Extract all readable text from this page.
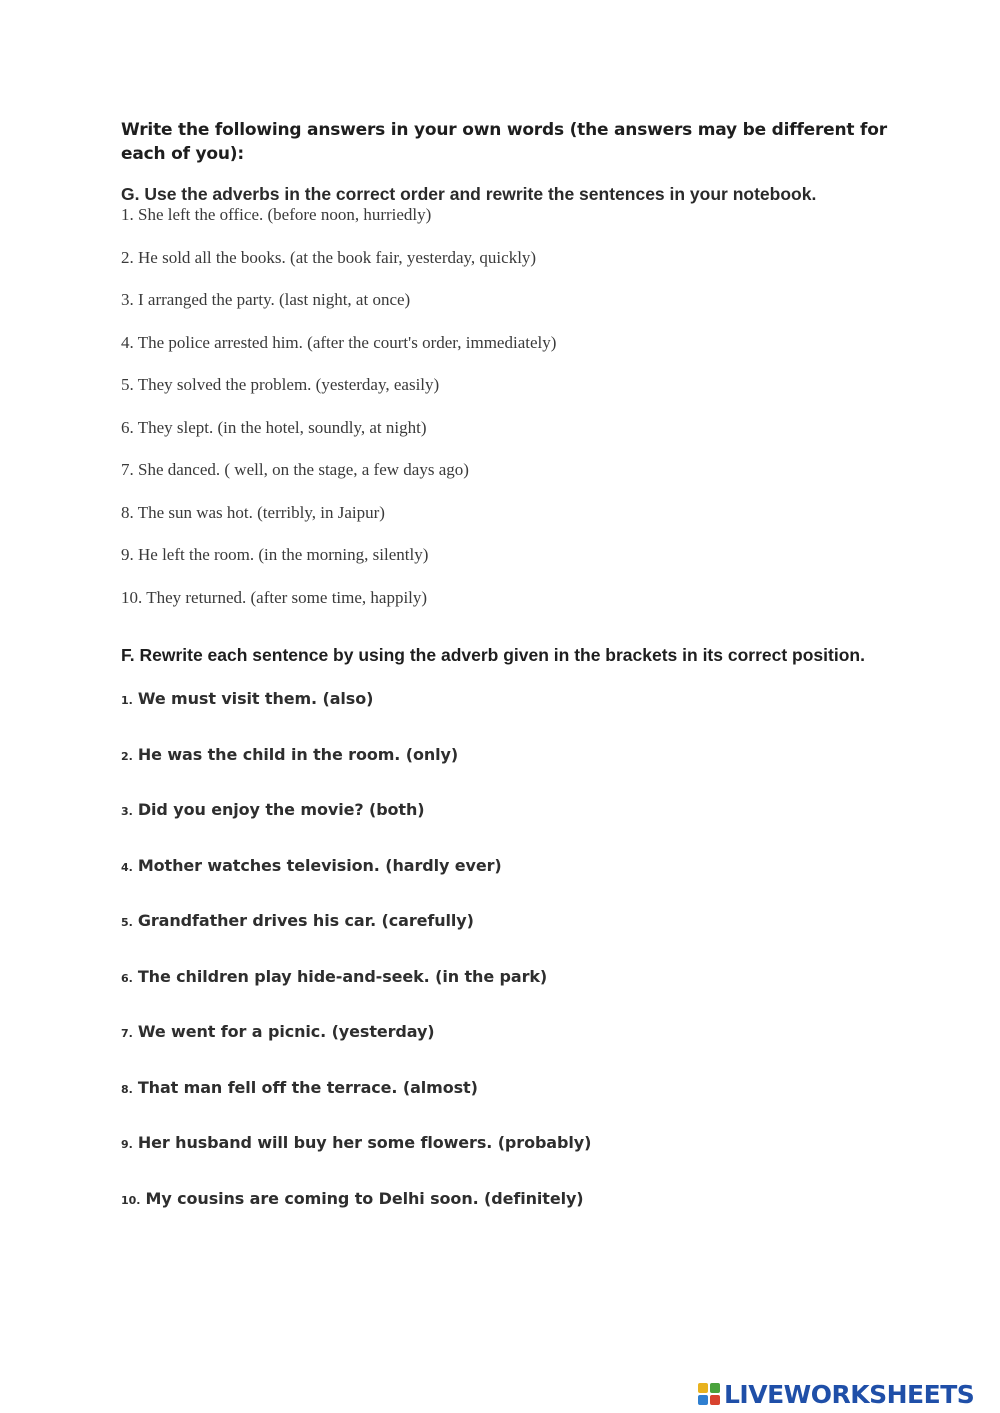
Write the following answers in your own words (the answers may be different for each of you):
G. Use the adverbs in the correct order and rewrite the sentences in your notebook.
1. She left the office. (before noon, hurriedly)
2. He sold all the books. (at the book fair, yesterday, quickly)
3. I arranged the party. (last night, at once)
4. The police arrested him. (after the court's order, immediately)
5. They solved the problem. (yesterday, easily)
6. They slept. (in the hotel, soundly, at night)
7. She danced. ( well, on the stage, a few days ago)
8. The sun was hot. (terribly, in Jaipur)
9. He left the room. (in the morning, silently)
10. They returned. (after some time, happily)
F. Rewrite each sentence by using the adverb given in the brackets in its correct position.
1. We must visit them. (also)
2. He was the child in the room. (only)
3. Did you enjoy the movie? (both)
4. Mother watches television. (hardly ever)
5. Grandfather drives his car. (carefully)
6. The children play hide-and-seek. (in the park)
7. We went for a picnic. (yesterday)
8. That man fell off the terrace. (almost)
9. Her husband will buy her some flowers. (probably)
10. My cousins are coming to Delhi soon. (definitely)
LIVEWORKSHEETS
